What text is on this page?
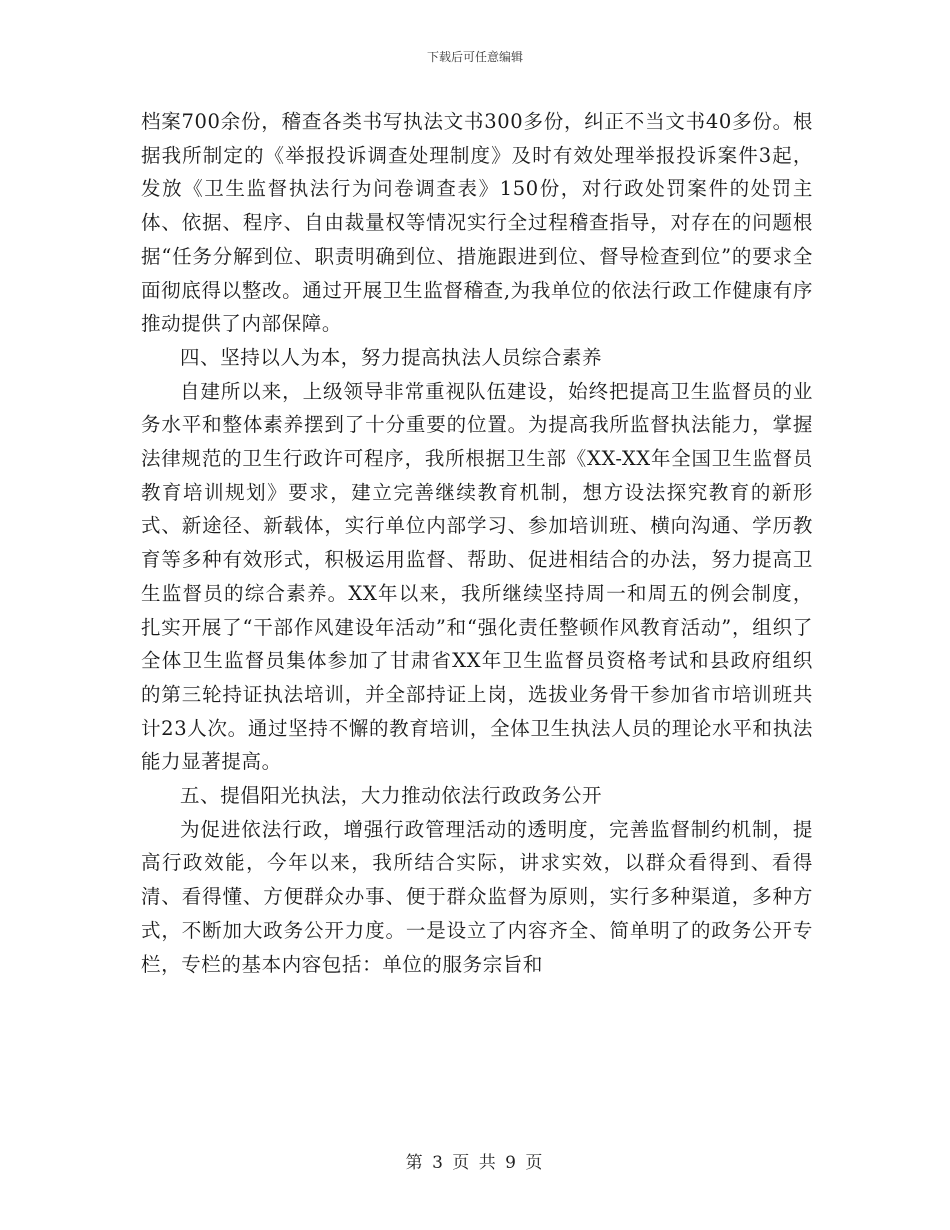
下载后可任意编辑

档案700余份，稽查各类书写执法文书300多份，纠正不当文书40多份。根据我所制定的《举报投诉调查处理制度》及时有效处理举报投诉案件3起，发放《卫生监督执法行为问卷调查表》150份，对行政处罚案件的处罚主体、依据、程序、自由裁量权等情况实行全过程稽查指导，对存在的问题根据“任务分解到位、职责明确到位、措施跟进到位、督导检查到位”的要求全面彻底得以整改。通过开展卫生监督稽查,为我单位的依法行政工作健康有序推动提供了内部保障。

四、坚持以人为本，努力提高执法人员综合素养

自建所以来，上级领导非常重视队伍建设，始终把提高卫生监督员的业务水平和整体素养摆到了十分重要的位置。为提高我所监督执法能力，掌握法律规范的卫生行政许可程序，我所根据卫生部《XX-XX年全国卫生监督员教育培训规划》要求，建立完善继续教育机制，想方设法探究教育的新形式、新途径、新载体，实行单位内部学习、参加培训班、横向沟通、学历教育等多种有效形式，积极运用监督、帮助、促进相结合的办法，努力提高卫生监督员的综合素养。XX年以来，我所继续坚持周一和周五的例会制度，扎实开展了“干部作风建设年活动”和“强化责任整顿作风教育活动”，组织了全体卫生监督员集体参加了甘肃省XX年卫生监督员资格考试和县政府组织的第三轮持证执法培训，并全部持证上岗，选拔业务骨干参加省市培训班共计23人次。通过坚持不懈的教育培训，全体卫生执法人员的理论水平和执法能力显著提高。

五、提倡阳光执法，大力推动依法行政政务公开

为促进依法行政，增强行政管理活动的透明度，完善监督制约机制，提高行政效能，今年以来，我所结合实际，讲求实效，以群众看得到、看得清、看得懂、方便群众办事、便于群众监督为原则，实行多种渠道，多种方式，不断加大政务公开力度。一是设立了内容齐全、简单明了的政务公开专栏，专栏的基本内容包括：单位的服务宗旨和

第 3 页 共 9 页
